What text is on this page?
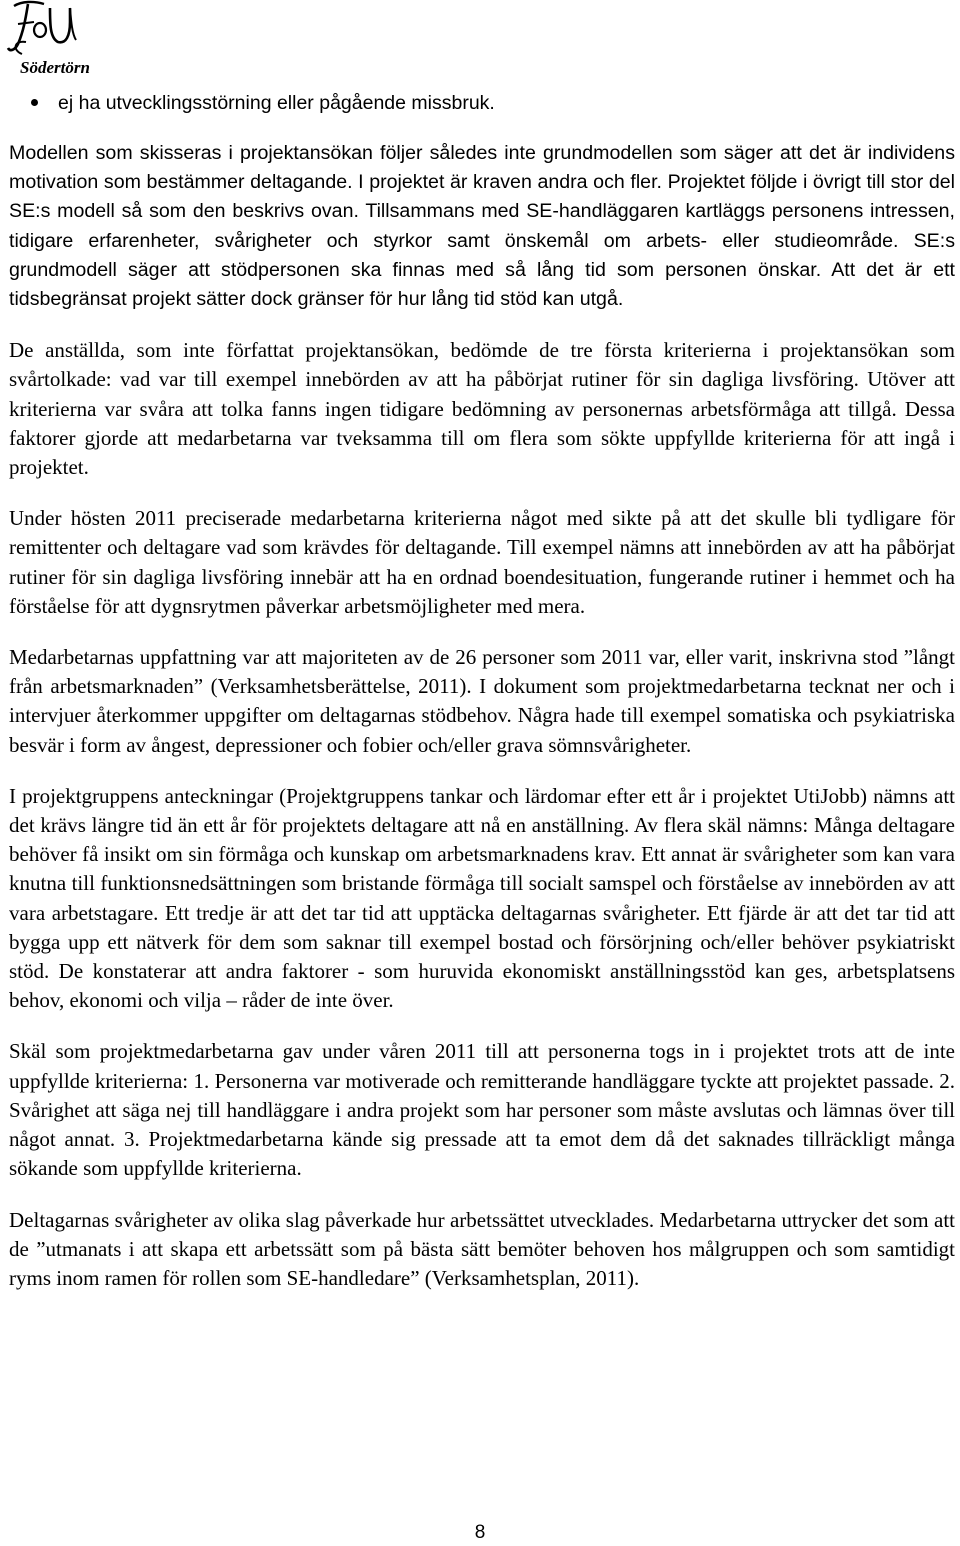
Södertörn
ej ha utvecklingsstörning eller pågående missbruk.

Modellen som skisseras i projektansökan följer således inte grundmodellen som säger att det är individens motivation som bestämmer deltagande. I projektet är kraven andra och fler. Projektet följde i övrigt till stor del SE:s modell så som den beskrivs ovan. Tillsammans med SE-handläggaren kartläggs personens intressen, tidigare erfarenheter, svårigheter och styrkor samt önskemål om arbets- eller studieområde. SE:s grundmodell säger att stödpersonen ska finnas med så lång tid som personen önskar. Att det är ett tidsbegränsat projekt sätter dock gränser för hur lång tid stöd kan utgå.

De anställda, som inte författat projektansökan, bedömde de tre första kriterierna i projektansökan som svårtolkade: vad var till exempel innebörden av att ha påbörjat rutiner för sin dagliga livsföring. Utöver att kriterierna var svåra att tolka fanns ingen tidigare bedömning av personernas arbetsförmåga att tillgå. Dessa faktorer gjorde att medarbetarna var tveksamma till om flera som sökte uppfyllde kriterierna för att ingå i projektet.

Under hösten 2011 preciserade medarbetarna kriterierna något med sikte på att det skulle bli tydligare för remittenter och deltagare vad som krävdes för deltagande. Till exempel nämns att innebörden av att ha påbörjat rutiner för sin dagliga livsföring innebär att ha en ordnad boendesituation, fungerande rutiner i hemmet och ha förståelse för att dygnsrytmen påverkar arbetsmöjligheter med mera.

Medarbetarnas uppfattning var att majoriteten av de 26 personer som 2011 var, eller varit, inskrivna stod ”långt från arbetsmarknaden” (Verksamhetsberättelse, 2011). I dokument som projektmedarbetarna tecknat ner och i intervjuer återkommer uppgifter om deltagarnas stödbehov. Några hade till exempel somatiska och psykiatriska besvär i form av ångest, depressioner och fobier och/eller grava sömnsvårigheter.

I projektgruppens anteckningar (Projektgruppens tankar och lärdomar efter ett år i projektet UtiJobb) nämns att det krävs längre tid än ett år för projektets deltagare att nå en anställning. Av flera skäl nämns: Många deltagare behöver få insikt om sin förmåga och kunskap om arbetsmarknadens krav. Ett annat är svårigheter som kan vara knutna till funktionsnedsättningen som bristande förmåga till socialt samspel och förståelse av innebörden av att vara arbetstagare. Ett tredje är att det tar tid att upptäcka deltagarnas svårigheter. Ett fjärde är att det tar tid att bygga upp ett nätverk för dem som saknar till exempel bostad och försörjning och/eller behöver psykiatriskt stöd. De konstaterar att andra faktorer - som huruvida ekonomiskt anställningsstöd kan ges, arbetsplatsens behov, ekonomi och vilja – råder de inte över.

Skäl som projektmedarbetarna gav under våren 2011 till att personerna togs in i projektet trots att de inte uppfyllde kriterierna: 1. Personerna var motiverade och remitterande handläggare tyckte att projektet passade. 2. Svårighet att säga nej till handläggare i andra projekt som har personer som måste avslutas och lämnas över till något annat. 3. Projektmedarbetarna kände sig pressade att ta emot dem då det saknades tillräckligt många sökande som uppfyllde kriterierna.

Deltagarnas svårigheter av olika slag påverkade hur arbetssättet utvecklades. Medarbetarna uttrycker det som att de ”utmanats i att skapa ett arbetssätt som på bästa sätt bemöter behoven hos målgruppen och som samtidigt ryms inom ramen för rollen som SE-handledare” (Verksamhetsplan, 2011).

8
